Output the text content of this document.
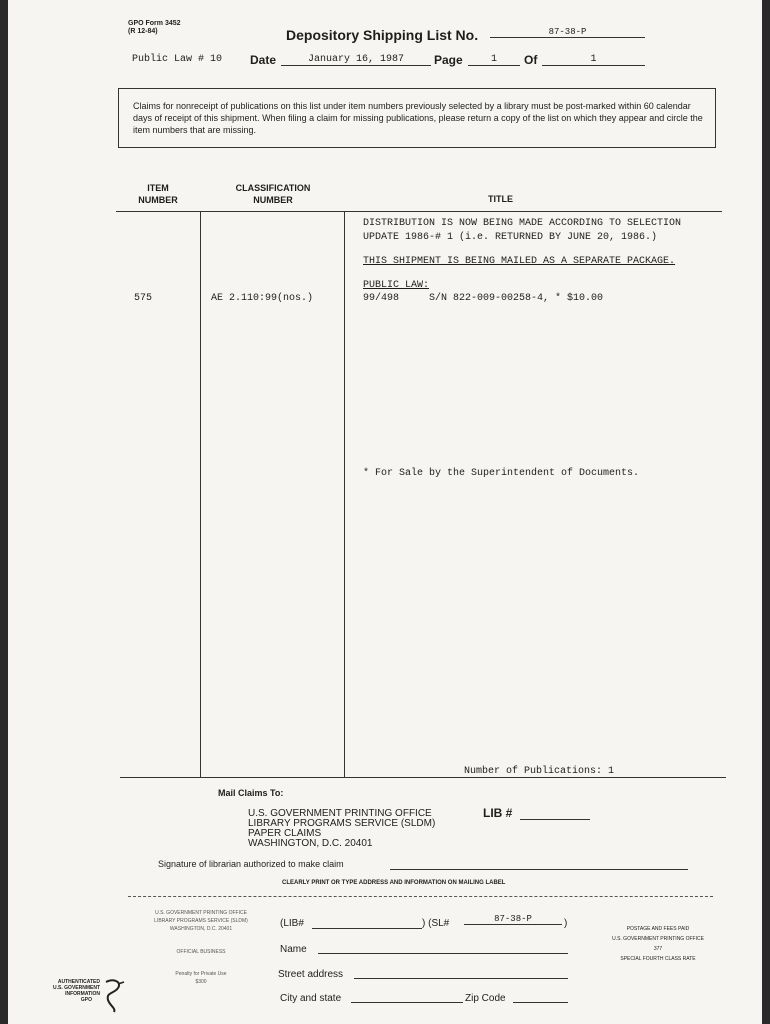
GPO Form 3452
(R 12-84)	Depository Shipping List No.	87-38-P
Public Law # 10 Date	January 16, 1987	Page	1	Of	1
Claims for nonreceipt of publications on this list under item numbers previously selected by a library must be post-marked within 60 calendar days of receipt of this shipment. When filing a claim for missing publications, please return a copy of the list on which they appear and circle the item numbers that are missing.
ITEM NUMBER
CLASSIFICATION NUMBER	TITLE
DISTRIBUTION IS NOW BEING MADE ACCORDING TO SELECTION
UPDATE 1986-# 1 (i.e. RETURNED BY JUNE 20, 1986.)
THIS SHIPMENT IS BEING MAILED AS A SEPARATE PACKAGE.
PUBLIC LAW:
575	AE 2.110:99(nos.)	99/498     S/N 822-009-00258-4, * $10.00
* For Sale by the Superintendent of Documents.
Number of Publications: 1
Mail Claims To:
U.S. GOVERNMENT PRINTING OFFICE
LIBRARY PROGRAMS SERVICE (SLDM)
PAPER CLAIMS
WASHINGTON, D.C. 20401
LIB #
Signature of librarian authorized to make claim
CLEARLY PRINT OR TYPE ADDRESS AND INFORMATION ON MAILING LABEL
U.S. GOVERNMENT PRINTING OFFICE
LIBRARY PROGRAMS SERVICE (SLDM)
WASHINGTON, D.C. 20401
OFFICIAL BUSINESS
Penalty for Private Use
$300
(LIB#	) (SL#	87-38-P	)
Name
Street address
City and state	Zip Code
POSTAGE AND FEES PAID
U.S. GOVERNMENT PRINTING OFFICE
377
SPECIAL FOURTH CLASS RATE
AUTHENTICATED
U.S. GOVERNMENT
INFORMATION
GPO
